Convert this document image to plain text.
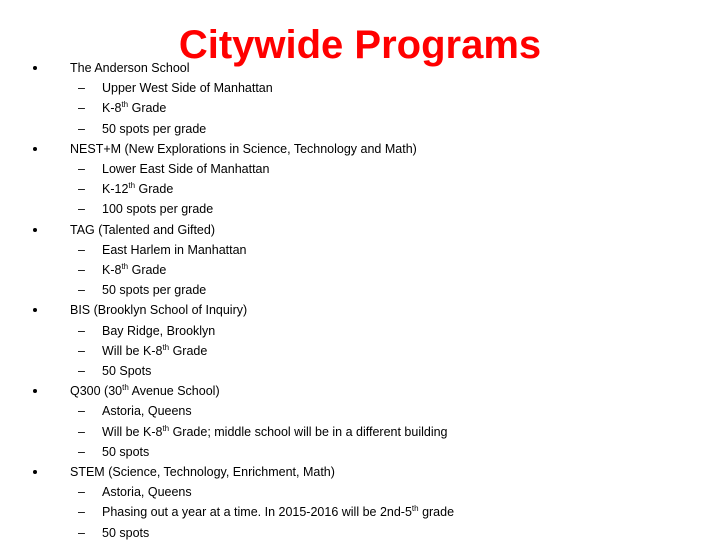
Citywide Programs
The Anderson School
– Upper West Side of Manhattan
– K-8th Grade
– 50 spots per grade
NEST+M (New Explorations in Science, Technology and Math)
– Lower East Side of Manhattan
– K-12th Grade
– 100 spots per grade
TAG (Talented and Gifted)
– East Harlem in Manhattan
– K-8th Grade
– 50 spots per grade
BIS (Brooklyn School of Inquiry)
– Bay Ridge, Brooklyn
– Will be K-8th Grade
– 50 Spots
Q300 (30th Avenue School)
– Astoria, Queens
– Will be K-8th Grade; middle school will be in a different building
– 50 spots
STEM (Science, Technology, Enrichment, Math)
– Astoria, Queens
– Phasing out a year at a time. In 2015-2016 will be 2nd-5th grade
– 50 spots
